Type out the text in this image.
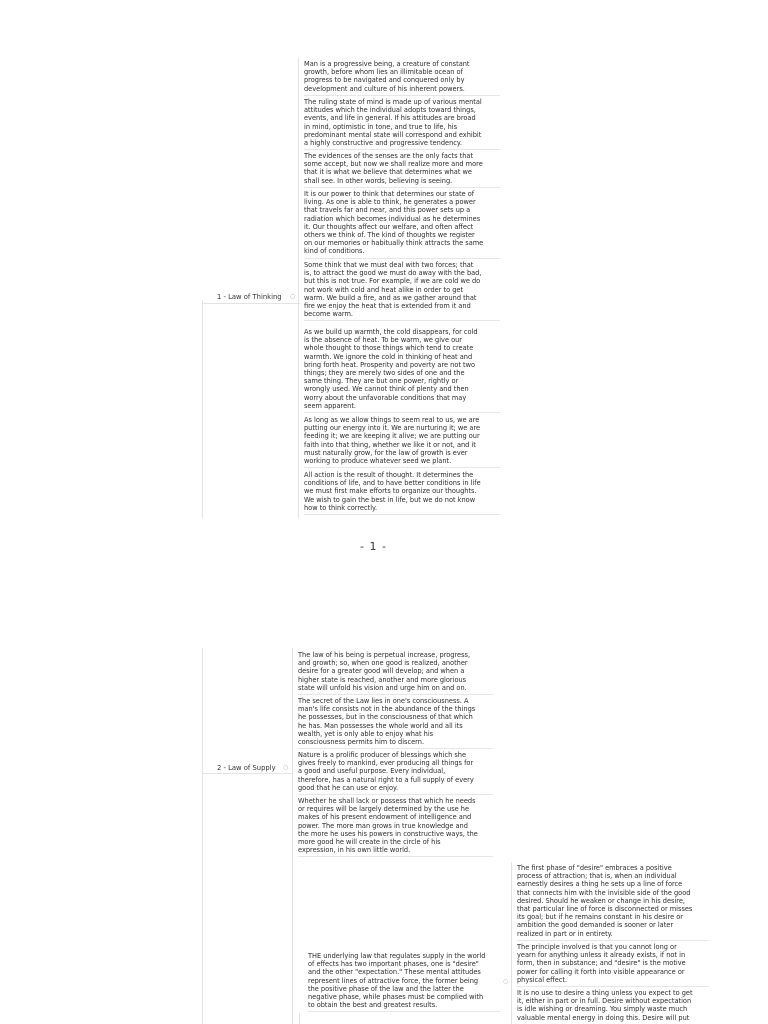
1 - Law of Thinking ○
Man is a progressive being, a creature of constant
growth, before whom lies an illimitable ocean of
progress to be navigated and conquered only by
development and culture of his inherent powers.
The ruling state of mind is made up of various mental
attitudes which the individual adopts toward things,
events, and life in general. If his attitudes are broad
in mind, optimistic in tone, and true to life, his
predominant mental state will correspond and exhibit
a highly constructive and progressive tendency.
The evidences of the senses are the only facts that
some accept, but now we shall realize more and more
that it is what we believe that determines what we
shall see. In other words, believing is seeing.
It is our power to think that determines our state of
living. As one is able to think, he generates a power
that travels far and near, and this power sets up a
radiation which becomes individual as he determines
it. Our thoughts affect our welfare, and often affect
others we think of. The kind of thoughts we register
on our memories or habitually think attracts the same
kind of conditions.
Some think that we must deal with two forces; that
is, to attract the good we must do away with the bad,
but this is not true. For example, if we are cold we do
not work with cold and heat alike in order to get
warm. We build a fire, and as we gather around that
fire we enjoy the heat that is extended from it and
become warm.
As we build up warmth, the cold disappears, for cold
is the absence of heat. To be warm, we give our
whole thought to those things which tend to create
warmth. We ignore the cold in thinking of heat and
bring forth heat. Prosperity and poverty are not two
things; they are merely two sides of one and the
same thing. They are but one power, rightly or
wrongly used. We cannot think of plenty and then
worry about the unfavorable conditions that may
seem apparent.
As long as we allow things to seem real to us, we are
putting our energy into it. We are nurturing it; we are
feeding it; we are keeping it alive; we are putting our
faith into that thing, whether we like it or not, and it
must naturally grow, for the law of growth is ever
working to produce whatever seed we plant.
All action is the result of thought. It determines the
conditions of life, and to have better conditions in life
we must first make efforts to organize our thoughts.
We wish to gain the best in life, but we do not know
how to think correctly.
- 1 -
2 - Law of Supply ○
The law of his being is perpetual increase, progress,
and growth; so, when one good is realized, another
desire for a greater good will develop; and when a
higher state is reached, another and more glorious
state will unfold his vision and urge him on and on.
The secret of the Law lies in one's consciousness. A
man's life consists not in the abundance of the things
he possesses, but in the consciousness of that which
he has. Man possesses the whole world and all its
wealth, yet is only able to enjoy what his
consciousness permits him to discern.
Nature is a prolific producer of blessings which she
gives freely to mankind, ever producing all things for
a good and useful purpose. Every individual,
therefore, has a natural right to a full supply of every
good that he can use or enjoy.
Whether he shall lack or possess that which he needs
or requires will be largely determined by the use he
makes of his present endowment of intelligence and
power. The more man grows in true knowledge and
the more he uses his powers in constructive ways, the
more good he will create in the circle of his
expression, in his own little world.
THE underlying law that regulates supply in the world
of effects has two important phases, one is "desire"
and the other "expectation." These mental attitudes
represent lines of attractive force, the former being
the positive phase of the law and the latter the
negative phase, while phases must be complied with
to obtain the best and greatest results.
○
The first phase of "desire" embraces a positive
process of attraction; that is, when an individual
earnestly desires a thing he sets up a line of force
that connects him with the invisible side of the good
desired. Should he weaken or change in his desire,
that particular line of force is disconnected or misses
its goal; but if he remains constant in his desire or
ambition the good demanded is sooner or later
realized in part or in entirety.
The principle involved is that you cannot long or
yearn for anything unless it already exists, if not in
form, then in substance; and "desire" is the motive
power for calling it forth into visible appearance or
physical effect.
It is no use to desire a thing unless you expect to get
it, either in part or in full. Desire without expectation
is idle wishing or dreaming. You simply waste much
valuable mental energy in doing this. Desire will put
